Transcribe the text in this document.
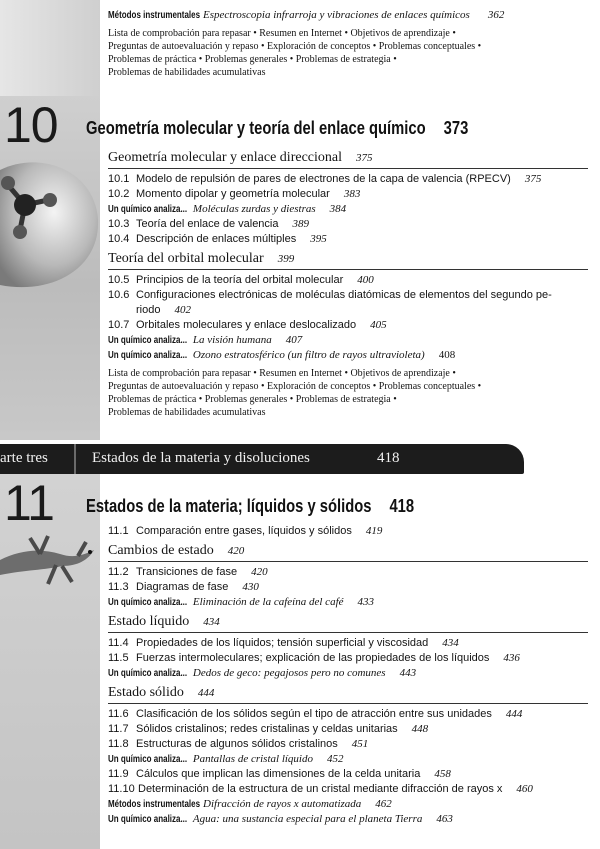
Métodos instrumentales Espectroscopia infrarroja y vibraciones de enlaces químicos 362
Lista de comprobación para repasar • Resumen en Internet • Objetivos de aprendizaje •
Preguntas de autoevaluación y repaso • Exploración de conceptos • Problemas conceptuales •
Problemas de práctica • Problemas generales • Problemas de estrategia •
Problemas de habilidades acumulativas
10 Geometría molecular y teoría del enlace químico 373
Geometría molecular y enlace direccional 375
10.1 Modelo de repulsión de pares de electrones de la capa de valencia (RPECV) 375
10.2 Momento dipolar y geometría molecular 383
Un químico analiza... Moléculas zurdas y diestras 384
10.3 Teoría del enlace de valencia 389
10.4 Descripción de enlaces múltiples 395
Teoría del orbital molecular 399
10.5 Principios de la teoría del orbital molecular 400
10.6 Configuraciones electrónicas de moléculas diatómicas de elementos del segundo pe-
riodo 402
10.7 Orbitales moleculares y enlace deslocalizado 405
Un químico analiza... La visión humana 407
Un químico analiza... Ozono estratosférico (un filtro de rayos ultravioleta) 408
Lista de comprobación para repasar • Resumen en Internet • Objetivos de aprendizaje •
Preguntas de autoevaluación y repaso • Exploración de conceptos • Problemas conceptuales •
Problemas de práctica • Problemas generales • Problemas de estrategia •
Problemas de habilidades acumulativas
arte tres	Estados de la materia y disoluciones	418
11 Estados de la materia; líquidos y sólidos 418
11.1 Comparación entre gases, líquidos y sólidos 419
Cambios de estado 420
11.2 Transiciones de fase 420
11.3 Diagramas de fase 430
Un químico analiza... Eliminación de la cafeína del café 433
Estado líquido 434
11.4 Propiedades de los líquidos; tensión superficial y viscosidad 434
11.5 Fuerzas intermoleculares; explicación de las propiedades de los líquidos 436
Un químico analiza... Dedos de geco: pegajosos pero no comunes 443
Estado sólido 444
11.6 Clasificación de los sólidos según el tipo de atracción entre sus unidades 444
11.7 Sólidos cristalinos; redes cristalinas y celdas unitarias 448
11.8 Estructuras de algunos sólidos cristalinos 451
Un químico analiza... Pantallas de cristal líquido 452
11.9 Cálculos que implican las dimensiones de la celda unitaria 458
11.10 Determinación de la estructura de un cristal mediante difracción de rayos x 460
Métodos instrumentales Difracción de rayos x automatizada 462
Un químico analiza... Agua: una sustancia especial para el planeta Tierra 463
